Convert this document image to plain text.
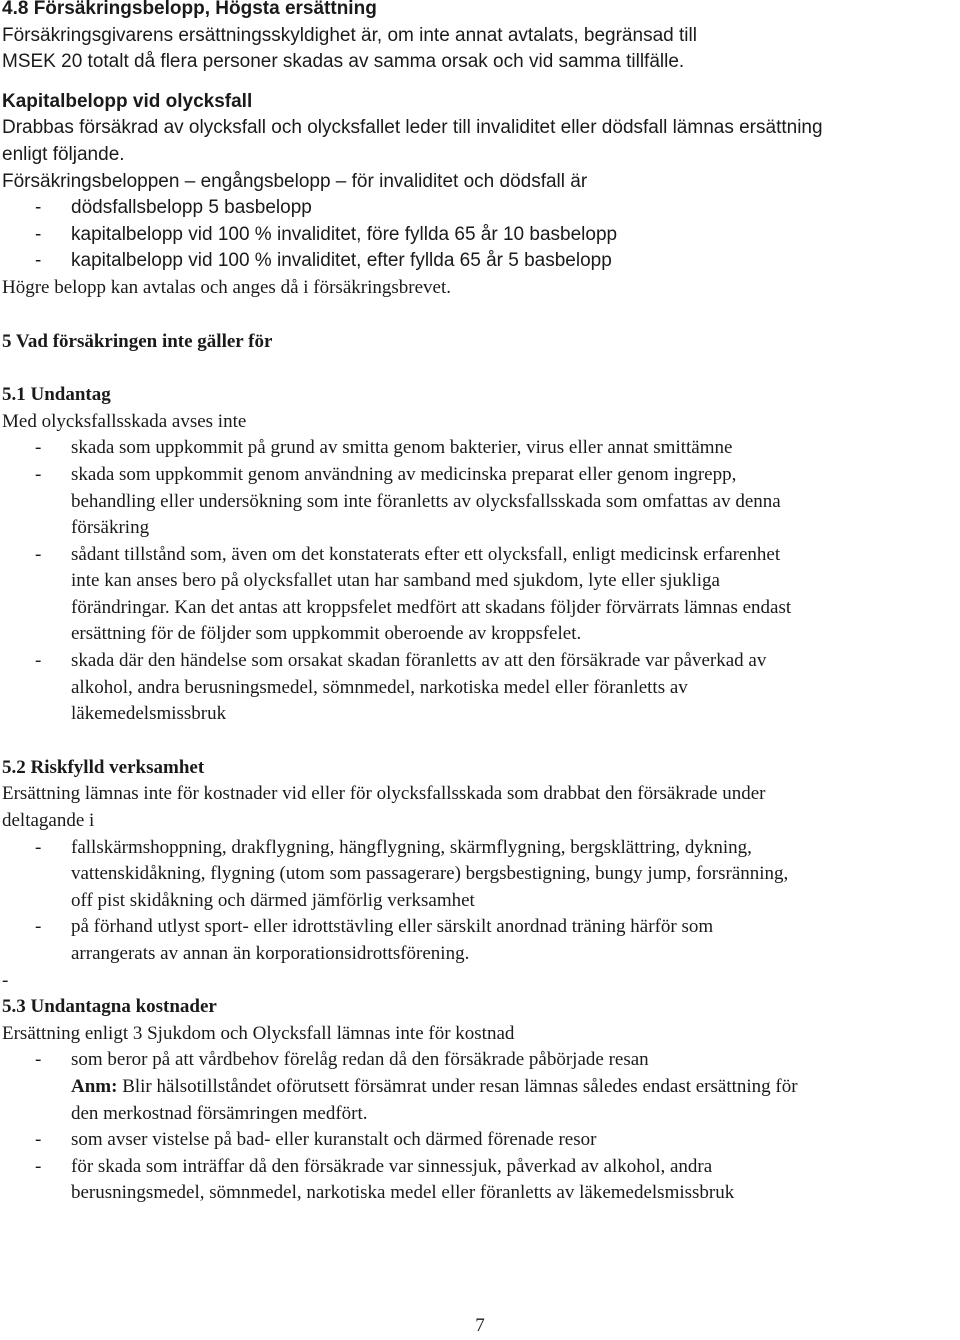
4.8 Försäkringsbelopp, Högsta ersättning
Försäkringsgivarens ersättningsskyldighet är, om inte annat avtalats, begränsad till
MSEK 20 totalt då flera personer skadas av samma orsak och vid samma tillfälle.
Kapitalbelopp vid olycksfall
Drabbas försäkrad av olycksfall och olycksfallet leder till invaliditet eller dödsfall lämnas ersättning
enligt följande.
Försäkringsbeloppen – engångsbelopp – för invaliditet och dödsfall är
-	dödsfallsbelopp 5 basbelopp
-	kapitalbelopp vid 100 % invaliditet, före fyllda 65 år 10 basbelopp
-	kapitalbelopp vid 100 % invaliditet, efter fyllda 65 år 5 basbelopp
Högre belopp kan avtalas och anges då i försäkringsbrevet.
5 Vad försäkringen inte gäller för
5.1 Undantag
Med olycksfallsskada avses inte
-	skada som uppkommit på grund av smitta genom bakterier, virus eller annat smittämne
-	skada som uppkommit genom användning av medicinska preparat eller genom ingrepp,
behandling eller undersökning som inte föranletts av olycksfallsskada som omfattas av denna
försäkring
-	sådant tillstånd som, även om det konstaterats efter ett olycksfall, enligt medicinsk erfarenhet
inte kan anses bero på olycksfallet utan har samband med sjukdom, lyte eller sjukliga
förändringar. Kan det antas att kroppsfelet medfört att skadans följder förvärrats lämnas endast
ersättning för de följder som uppkommit oberoende av kroppsfelet.
-	skada där den händelse som orsakat skadan föranletts av att den försäkrade var påverkad av
alkohol, andra berusningsmedel, sömnmedel, narkotiska medel eller föranletts av
läkemedelsmissbruk
5.2 Riskfylld verksamhet
Ersättning lämnas inte för kostnader vid eller för olycksfallsskada som drabbat den försäkrade under
deltagande i
-	fallskärmshoppning, drakflygning, hängflygning, skärmflygning, bergsklättring, dykning,
vattenskidåkning, flygning (utom som passagerare) bergsbestigning, bungy jump, forsränning,
off pist skidåkning och därmed jämförlig verksamhet
-	på förhand utlyst sport- eller idrottstävling eller särskilt anordnad träning härför som
arrangerats av annan än korporationsidrottsförening.
-
5.3 Undantagna kostnader
Ersättning enligt 3 Sjukdom och Olycksfall lämnas inte för kostnad
-	som beror på att vårdbehov förelåg redan då den försäkrade påbörjade resan
Anm: Blir hälsotillståndet oförutsett försämrat under resan lämnas således endast ersättning för
den merkostnad försämringen medfört.
-	som avser vistelse på bad- eller kuranstalt och därmed förenade resor
-	för skada som inträffar då den försäkrade var sinnessjuk, påverkad av alkohol, andra
berusningsmedel, sömnmedel, narkotiska medel eller föranletts av läkemedelsmissbruk
7
